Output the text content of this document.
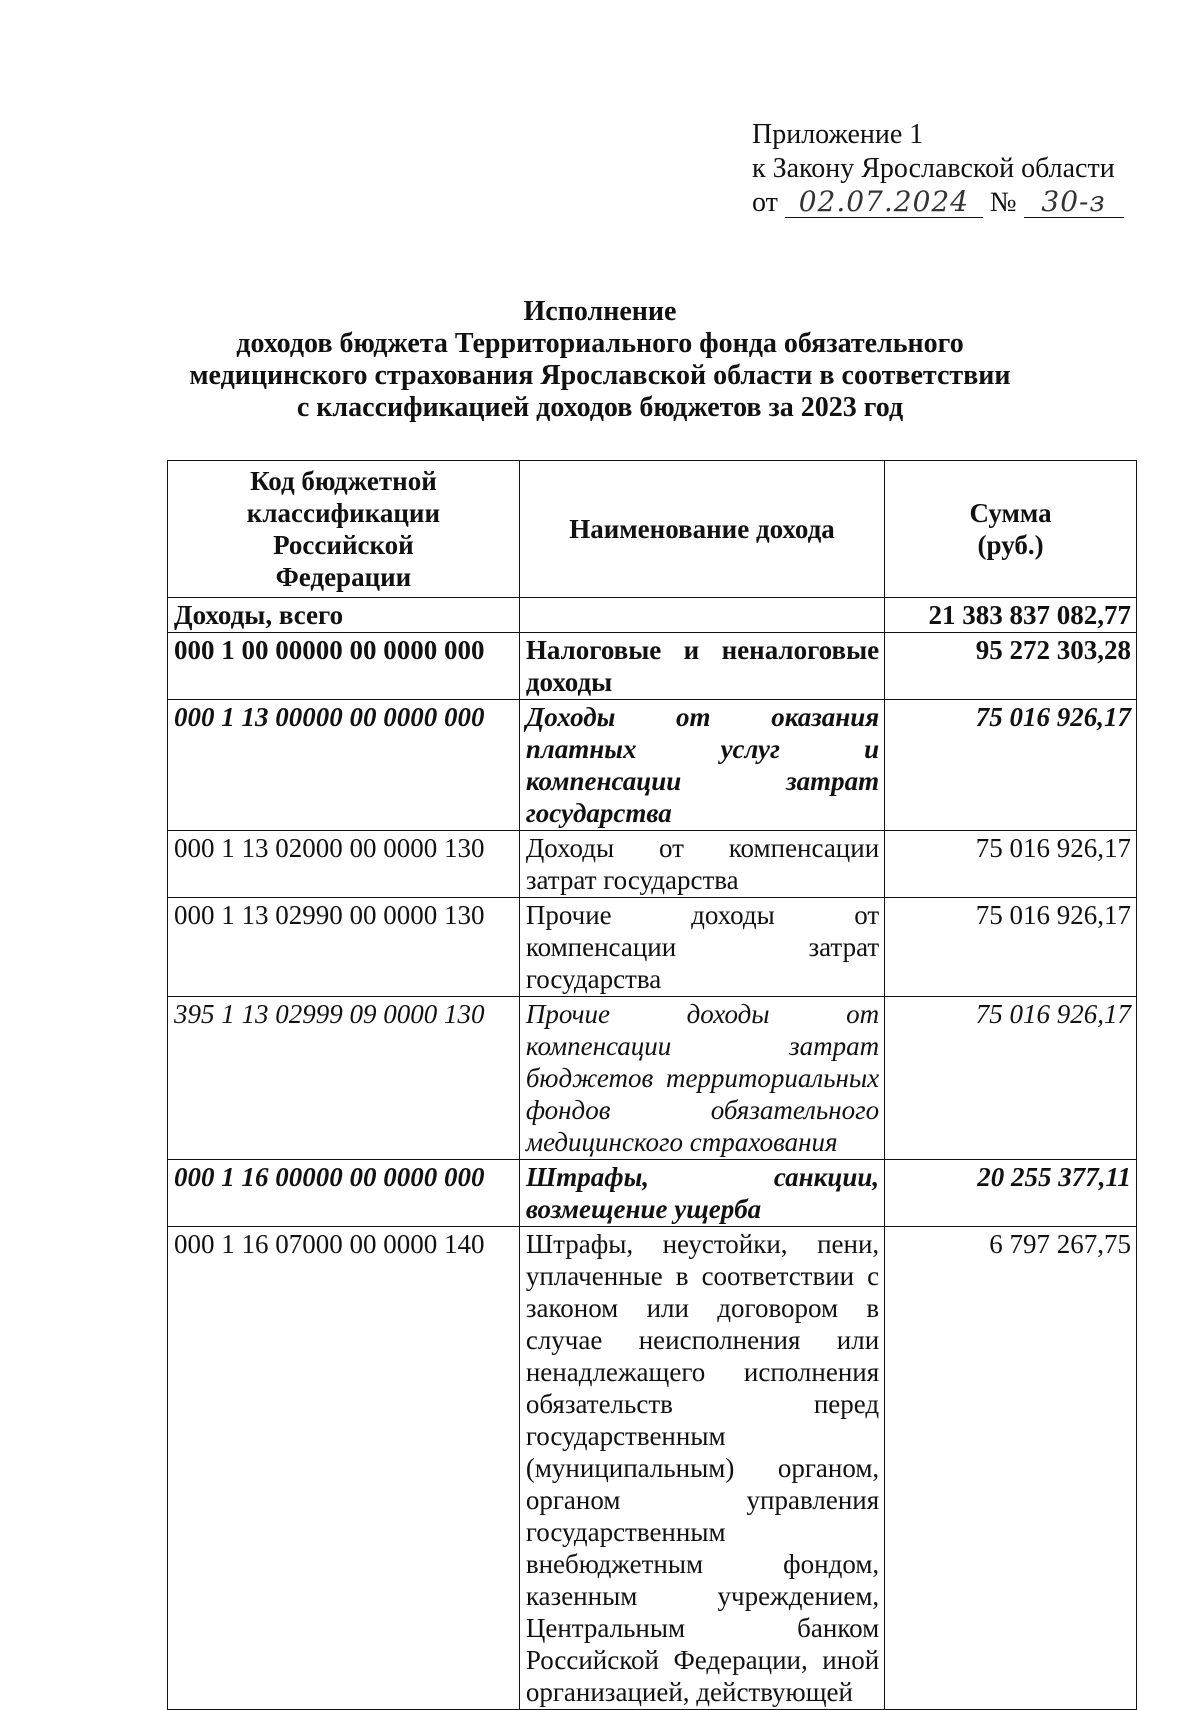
Приложение 1
к Закону Ярославской области
от 02.07.2024 № 30-з
Исполнение
доходов бюджета Территориального фонда обязательного
медицинского страхования Ярославской области в соответствии
с классификацией доходов бюджетов за 2023 год
Код бюджетной классификации Российской Федерации	Наименование дохода	Сумма (руб.)
Доходы, всего		21 383 837 082,77
000 1 00 00000 00 0000 000	Налоговые и неналоговые доходы	95 272 303,28
000 1 13 00000 00 0000 000	Доходы от оказания платных услуг и компенсации затрат государства	75 016 926,17
000 1 13 02000 00 0000 130	Доходы от компенсации затрат государства	75 016 926,17
000 1 13 02990 00 0000 130	Прочие доходы от компенсации затрат государства	75 016 926,17
395 1 13 02999 09 0000 130	Прочие доходы от компенсации затрат бюджетов территориальных фондов обязательного медицинского страхования	75 016 926,17
000 1 16 00000 00 0000 000	Штрафы, санкции, возмещение ущерба	20 255 377,11
000 1 16 07000 00 0000 140	Штрафы, неустойки, пени, уплаченные в соответствии с законом или договором в случае неисполнения или ненадлежащего исполнения обязательств перед государственным (муниципальным) органом, органом управления государственным внебюджетным фондом, казенным учреждением, Центральным банком Российской Федерации, иной организацией, действующей	6 797 267,75
